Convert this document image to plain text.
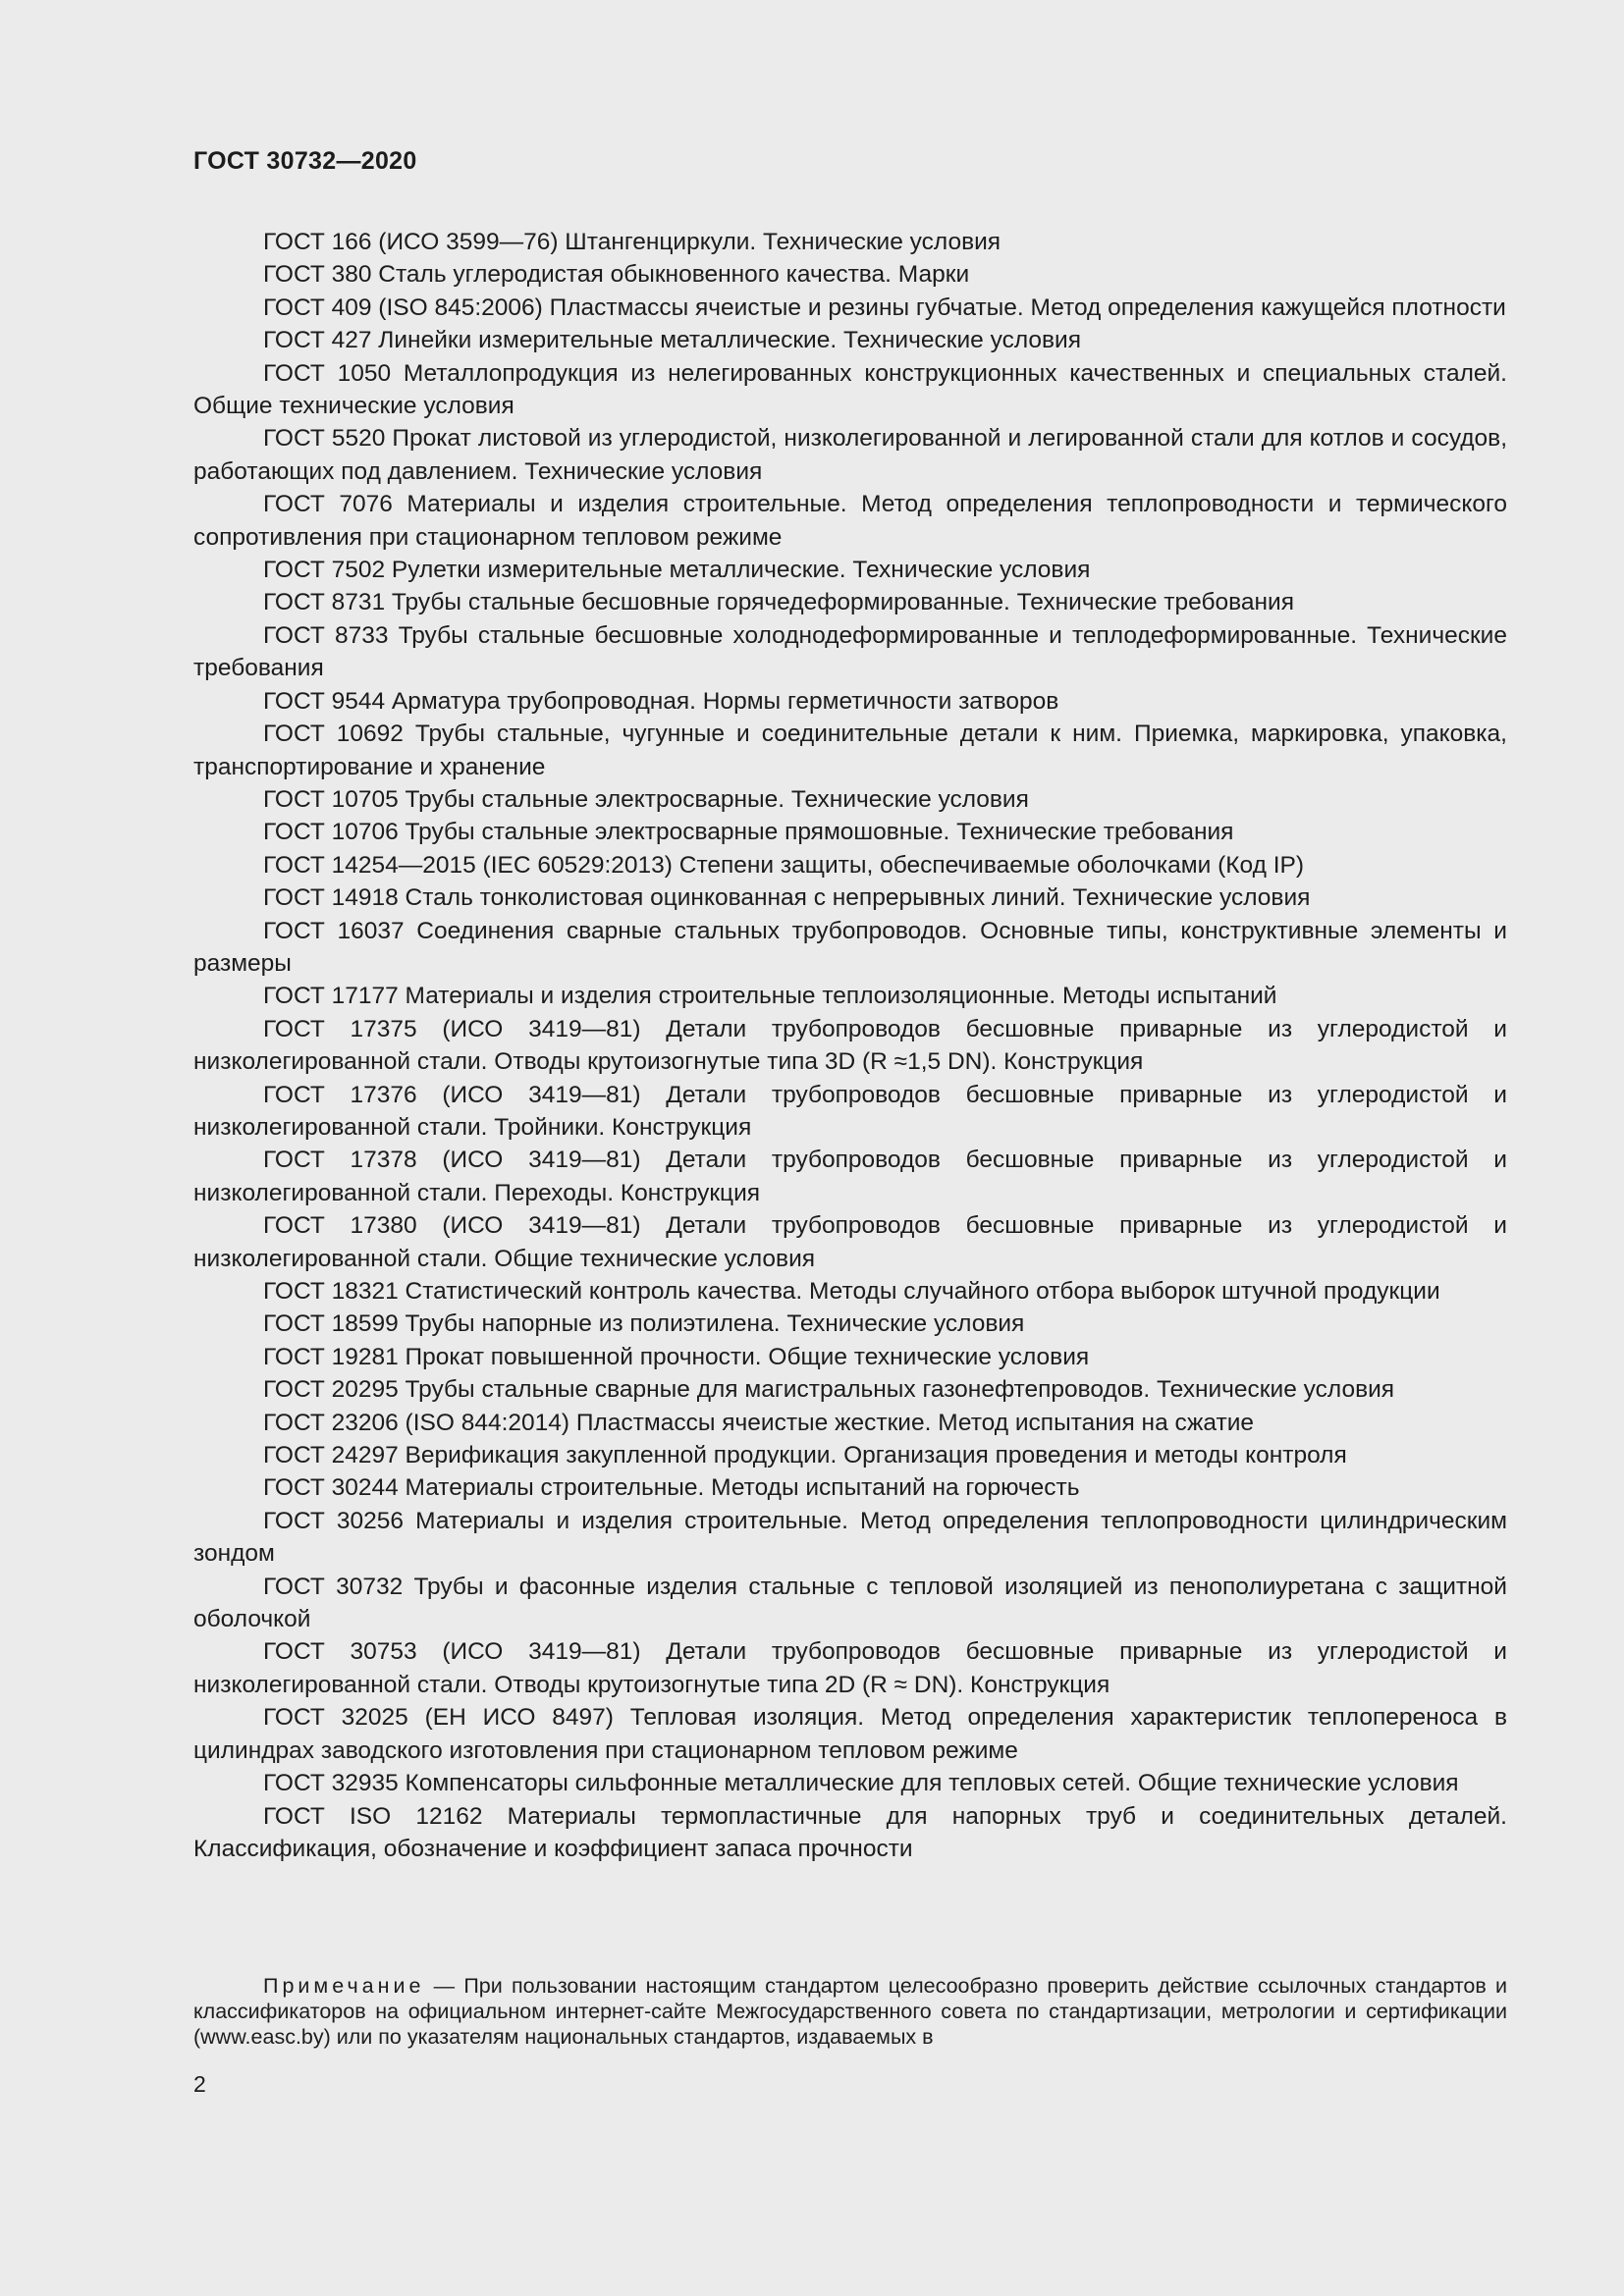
ГОСТ 30732—2020
ГОСТ 166 (ИСО 3599—76) Штангенциркули. Технические условия
ГОСТ 380 Сталь углеродистая обыкновенного качества. Марки
ГОСТ 409 (ISO 845:2006) Пластмассы ячеистые и резины губчатые. Метод определения кажущейся плотности
ГОСТ 427 Линейки измерительные металлические. Технические условия
ГОСТ 1050 Металлопродукция из нелегированных конструкционных качественных и специальных сталей. Общие технические условия
ГОСТ 5520 Прокат листовой из углеродистой, низколегированной и легированной стали для котлов и сосудов, работающих под давлением. Технические условия
ГОСТ 7076 Материалы и изделия строительные. Метод определения теплопроводности и термического сопротивления при стационарном тепловом режиме
ГОСТ 7502 Рулетки измерительные металлические. Технические условия
ГОСТ 8731 Трубы стальные бесшовные горячедеформированные. Технические требования
ГОСТ 8733 Трубы стальные бесшовные холоднодеформированные и теплодеформированные. Технические требования
ГОСТ 9544 Арматура трубопроводная. Нормы герметичности затворов
ГОСТ 10692 Трубы стальные, чугунные и соединительные детали к ним. Приемка, маркировка, упаковка, транспортирование и хранение
ГОСТ 10705 Трубы стальные электросварные. Технические условия
ГОСТ 10706 Трубы стальные электросварные прямошовные. Технические требования
ГОСТ 14254—2015 (IEC 60529:2013) Степени защиты, обеспечиваемые оболочками (Код IP)
ГОСТ 14918 Сталь тонколистовая оцинкованная с непрерывных линий. Технические условия
ГОСТ 16037 Соединения сварные стальных трубопроводов. Основные типы, конструктивные элементы и размеры
ГОСТ 17177 Материалы и изделия строительные теплоизоляционные. Методы испытаний
ГОСТ 17375 (ИСО 3419—81) Детали трубопроводов бесшовные приварные из углеродистой и низколегированной стали. Отводы крутоизогнутые типа 3D (R ≈1,5 DN). Конструкция
ГОСТ 17376 (ИСО 3419—81) Детали трубопроводов бесшовные приварные из углеродистой и низколегированной стали. Тройники. Конструкция
ГОСТ 17378 (ИСО 3419—81) Детали трубопроводов бесшовные приварные из углеродистой и низколегированной стали. Переходы. Конструкция
ГОСТ 17380 (ИСО 3419—81) Детали трубопроводов бесшовные приварные из углеродистой и низколегированной стали. Общие технические условия
ГОСТ 18321 Статистический контроль качества. Методы случайного отбора выборок штучной продукции
ГОСТ 18599 Трубы напорные из полиэтилена. Технические условия
ГОСТ 19281 Прокат повышенной прочности. Общие технические условия
ГОСТ 20295 Трубы стальные сварные для магистральных газонефтепроводов. Технические условия
ГОСТ 23206 (ISO 844:2014) Пластмассы ячеистые жесткие. Метод испытания на сжатие
ГОСТ 24297 Верификация закупленной продукции. Организация проведения и методы контроля
ГОСТ 30244 Материалы строительные. Методы испытаний на горючесть
ГОСТ 30256 Материалы и изделия строительные. Метод определения теплопроводности цилиндрическим зондом
ГОСТ 30732 Трубы и фасонные изделия стальные с тепловой изоляцией из пенополиуретана с защитной оболочкой
ГОСТ 30753 (ИСО 3419—81) Детали трубопроводов бесшовные приварные из углеродистой и низколегированной стали. Отводы крутоизогнутые типа 2D (R ≈ DN). Конструкция
ГОСТ 32025 (ЕН ИСО 8497) Тепловая изоляция. Метод определения характеристик теплопереноса в цилиндрах заводского изготовления при стационарном тепловом режиме
ГОСТ 32935 Компенсаторы сильфонные металлические для тепловых сетей. Общие технические условия
ГОСТ ISO 12162 Материалы термопластичные для напорных труб и соединительных деталей. Классификация, обозначение и коэффициент запаса прочности

Примечание — При пользовании настоящим стандартом целесообразно проверить действие ссылочных стандартов и классификаторов на официальном интернет-сайте Межгосударственного совета по стандартизации, метрологии и сертификации (www.easc.by) или по указателям национальных стандартов, издаваемых в

2
